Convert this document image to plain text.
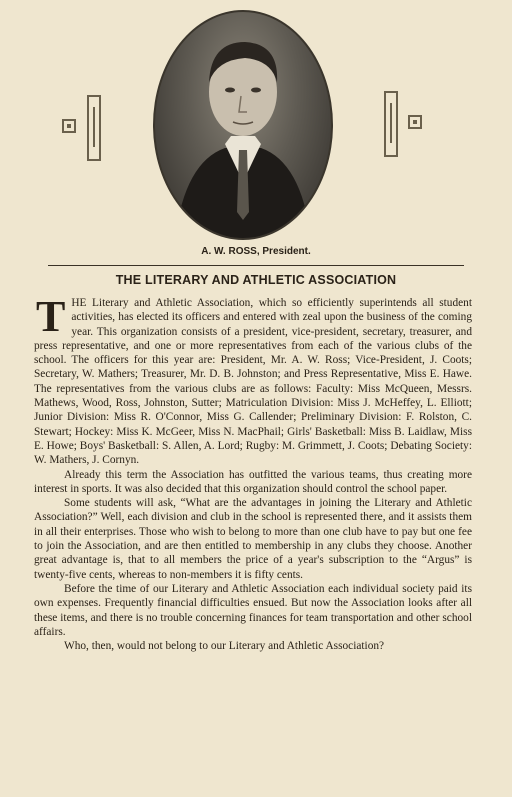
A. W. ROSS, President.
THE LITERARY AND ATHLETIC ASSOCIATION

THE Literary and Athletic Association, which so efficiently superintends all student activities, has elected its officers and entered with zeal upon the business of the coming year. This organization consists of a president, vice-president, secretary, treasurer, and press representative, and one or more representatives from each of the various clubs of the school. The officers for this year are: President, Mr. A. W. Ross; Vice-President, J. Coots; Secretary, W. Mathers; Treasurer, Mr. D. B. Johnston; and Press Representative, Miss E. Hawe. The representatives from the various clubs are as follows: Faculty: Miss McQueen, Messrs. Mathews, Wood, Ross, Johnston, Sutter; Matriculation Division: Miss J. McHeffey, L. Elliott; Junior Division: Miss R. O'Connor, Miss G. Callender; Preliminary Division: F. Rolston, C. Stewart; Hockey: Miss K. McGeer, Miss N. MacPhail; Girls' Basketball: Miss B. Laidlaw, Miss E. Howe; Boys' Basketball: S. Allen, A. Lord; Rugby: M. Grimmett, J. Coots; Debating Society: W. Mathers, J. Cornyn.

Already this term the Association has outfitted the various teams, thus creating more interest in sports. It was also decided that this organization should control the school paper.

Some students will ask, “What are the advantages in joining the Literary and Athletic Association?” Well, each division and club in the school is represented there, and it assists them in all their enterprises. Those who wish to belong to more than one club have to pay but one fee to join the Association, and are then entitled to membership in any clubs they choose. Another great advantage is, that to all members the price of a year's subscription to the “Argus” is twenty-five cents, whereas to non-members it is fifty cents.

Before the time of our Literary and Athletic Association each individual society paid its own expenses. Frequently financial difficulties ensued. But now the Association looks after all these items, and there is no trouble concerning finances for team transportation and other school affairs.

Who, then, would not belong to our Literary and Athletic Association?
